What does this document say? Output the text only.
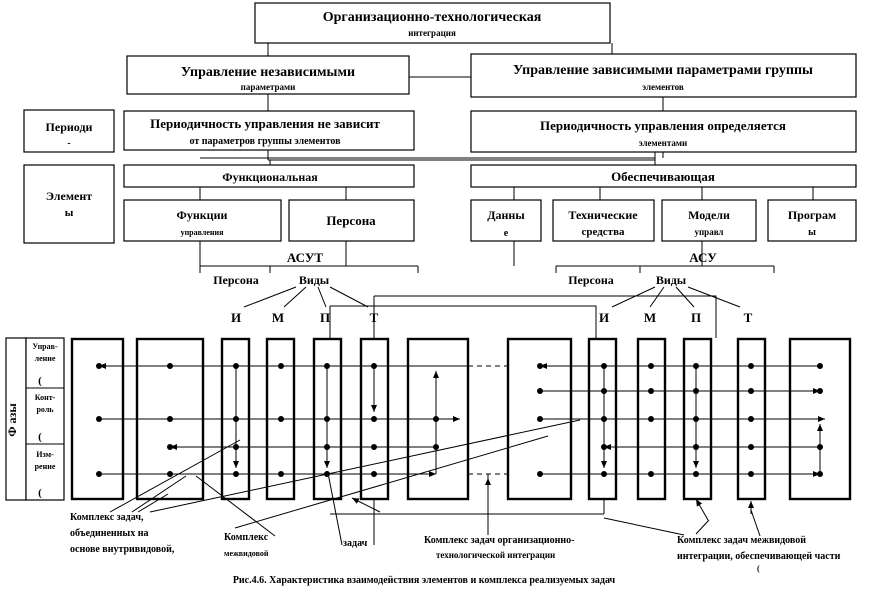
Организационно-технологическая
интеграция
Управление независимыми
параметрами
Управление зависимыми параметрами группы
элементов
Периоди
-
Периодичность управления не зависит
от параметров группы элементов
Периодичность управления определяется
элементами
Элемент
ы
Функциональная	Обеспечивающая
Функции
управления
Персона	Данны
е
Технические
средства
Модели
управл
Програм
ы
АСУТ
Персона	Виды
АСУ
Персона	Виды
И М	П	Т	И	М	П	Т
Ф азы
Управ-
ление
(
Конт-
роль
(
Изм-
рение
(
Комплекс задач,
объединенных на
основе внутривидовой,
Комплекс
межвидовой
задач	Комплекс задач организационно-
технологической интеграции
Комплекс задач межвидовой
интеграции, обеспечивающей части
(
Рис.4.6. Характеристика взаимодействия элементов и комплекса реализуемых задач
